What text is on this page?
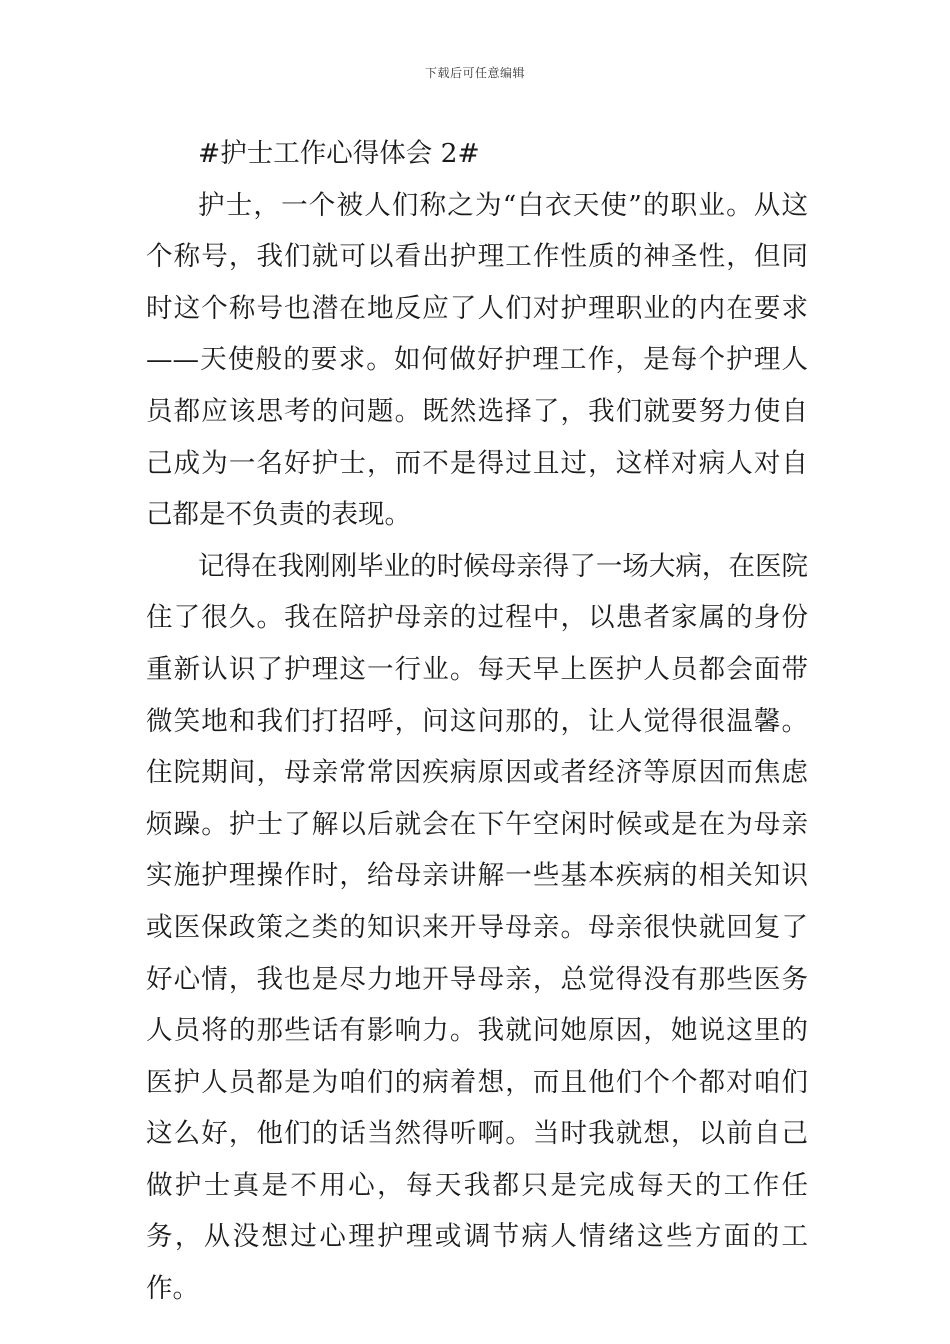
下载后可任意编辑

#护士工作心得体会 2#

护士，一个被人们称之为“白衣天使”的职业。从这个称号，我们就可以看出护理工作性质的神圣性，但同时这个称号也潜在地反应了人们对护理职业的内在要求——天使般的要求。如何做好护理工作，是每个护理人员都应该思考的问题。既然选择了，我们就要努力使自己成为一名好护士，而不是得过且过，这样对病人对自己都是不负责的表现。

记得在我刚刚毕业的时候母亲得了一场大病，在医院住了很久。我在陪护母亲的过程中，以患者家属的身份重新认识了护理这一行业。每天早上医护人员都会面带微笑地和我们打招呼，问这问那的，让人觉得很温馨。住院期间，母亲常常因疾病原因或者经济等原因而焦虑烦躁。护士了解以后就会在下午空闲时候或是在为母亲实施护理操作时，给母亲讲解一些基本疾病的相关知识或医保政策之类的知识来开导母亲。母亲很快就回复了好心情，我也是尽力地开导母亲，总觉得没有那些医务人员将的那些话有影响力。我就问她原因，她说这里的医护人员都是为咱们的病着想，而且他们个个都对咱们这么好，他们的话当然得听啊。当时我就想，以前自己做护士真是不用心，每天我都只是完成每天的工作任务，从没想过心理护理或调节病人情绪这些方面的工作。
